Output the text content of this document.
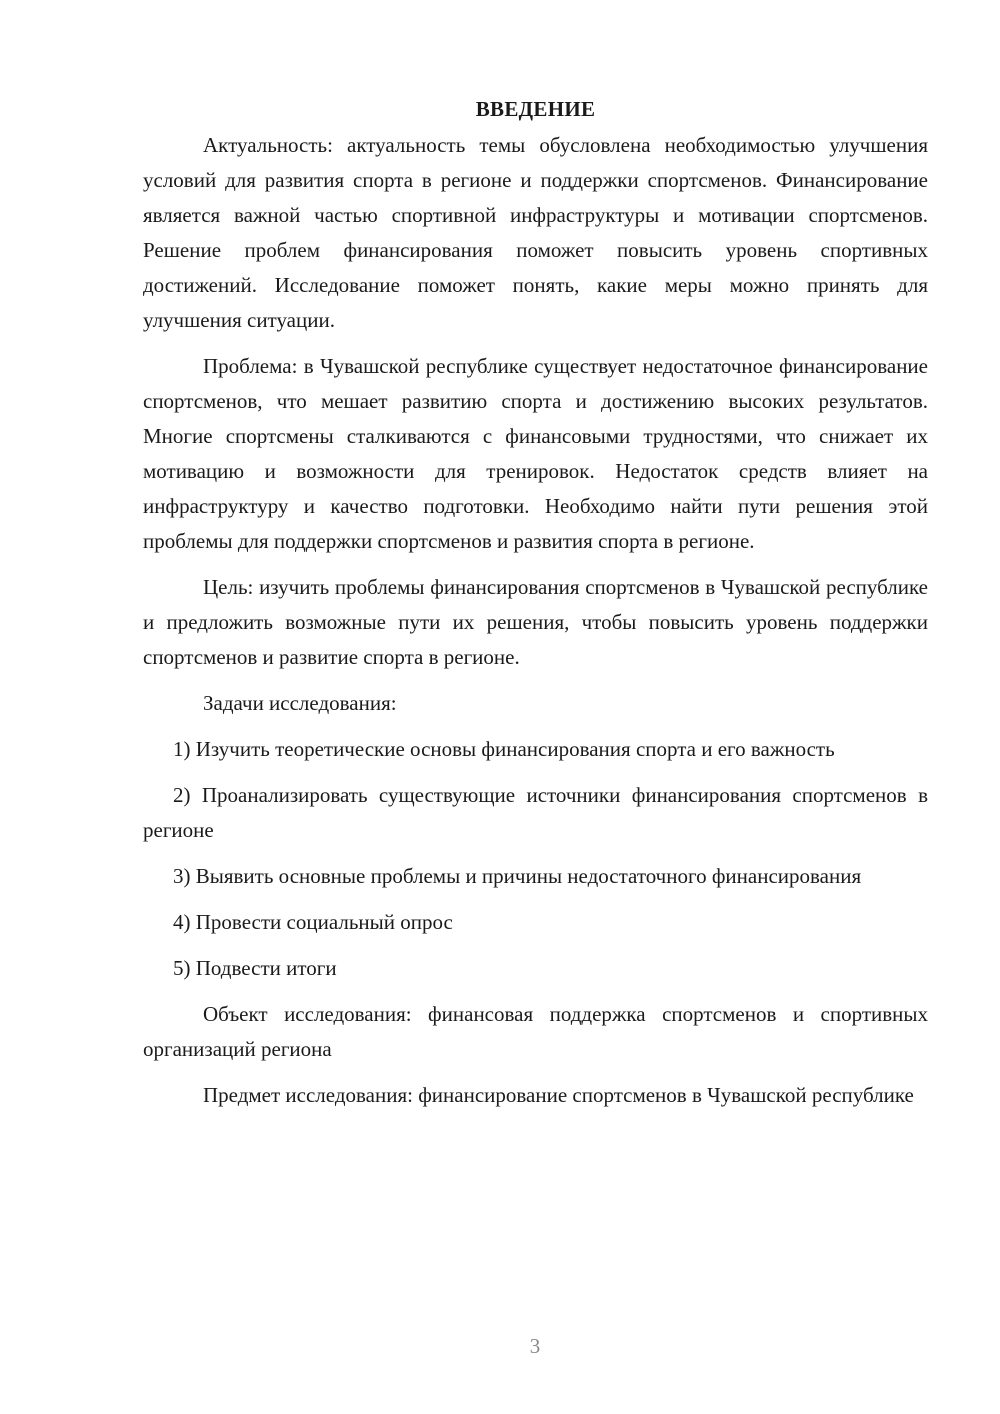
ВВЕДЕНИЕ

Актуальность: актуальность темы обусловлена необходимостью улучшения условий для развития спорта в регионе и поддержки спортсменов. Финансирование является важной частью спортивной инфраструктуры и мотивации спортсменов. Решение проблем финансирования поможет повысить уровень спортивных достижений. Исследование поможет понять, какие меры можно принять для улучшения ситуации.

Проблема: в Чувашской республике существует недостаточное финансирование спортсменов, что мешает развитию спорта и достижению высоких результатов. Многие спортсмены сталкиваются с финансовыми трудностями, что снижает их мотивацию и возможности для тренировок. Недостаток средств влияет на инфраструктуру и качество подготовки. Необходимо найти пути решения этой проблемы для поддержки спортсменов и развития спорта в регионе.

Цель: изучить проблемы финансирования спортсменов в Чувашской республике и предложить возможные пути их решения, чтобы повысить уровень поддержки спортсменов и развитие спорта в регионе.

Задачи исследования:

1) Изучить теоретические основы финансирования спорта и его важность

2) Проанализировать существующие источники финансирования спортсменов в регионе

3) Выявить основные проблемы и причины недостаточного финансирования

4) Провести социальный опрос

5) Подвести итоги

Объект исследования: финансовая поддержка спортсменов и спортивных организаций региона

Предмет исследования: финансирование спортсменов в Чувашской республике

3
